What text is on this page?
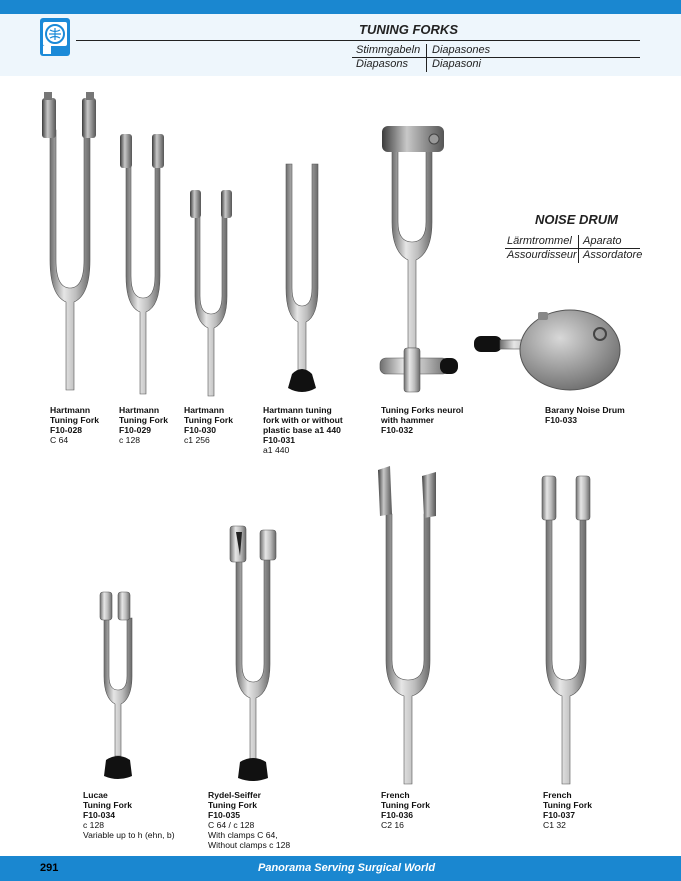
TUNING FORKS
Stimmgabeln Diapasones
Diapasons Diapasoni
NOISE DRUM
Lärmtrommel Aparato
Assourdisseur Assordatore
Hartmann
Tuning Fork
F10-028
C 64
Hartmann
Tuning Fork
F10-029
c 128
Hartmann
Tuning Fork
F10-030
c1 256
Hartmann tuning
fork with or without
plastic base a1 440
F10-031
a1 440
Tuning Forks neurol
with hammer
F10-032
Barany Noise Drum
F10-033
Lucae
Tuning Fork
F10-034
c 128
Variable up to h (ehn, b)
Rydel-Seiffer
Tuning Fork
F10-035
C 64 / c 128
With clamps C 64,
Without clamps c 128
French
Tuning Fork
F10-036
C2 16
French
Tuning Fork
F10-037
C1 32
291	Panorama Serving Surgical World
